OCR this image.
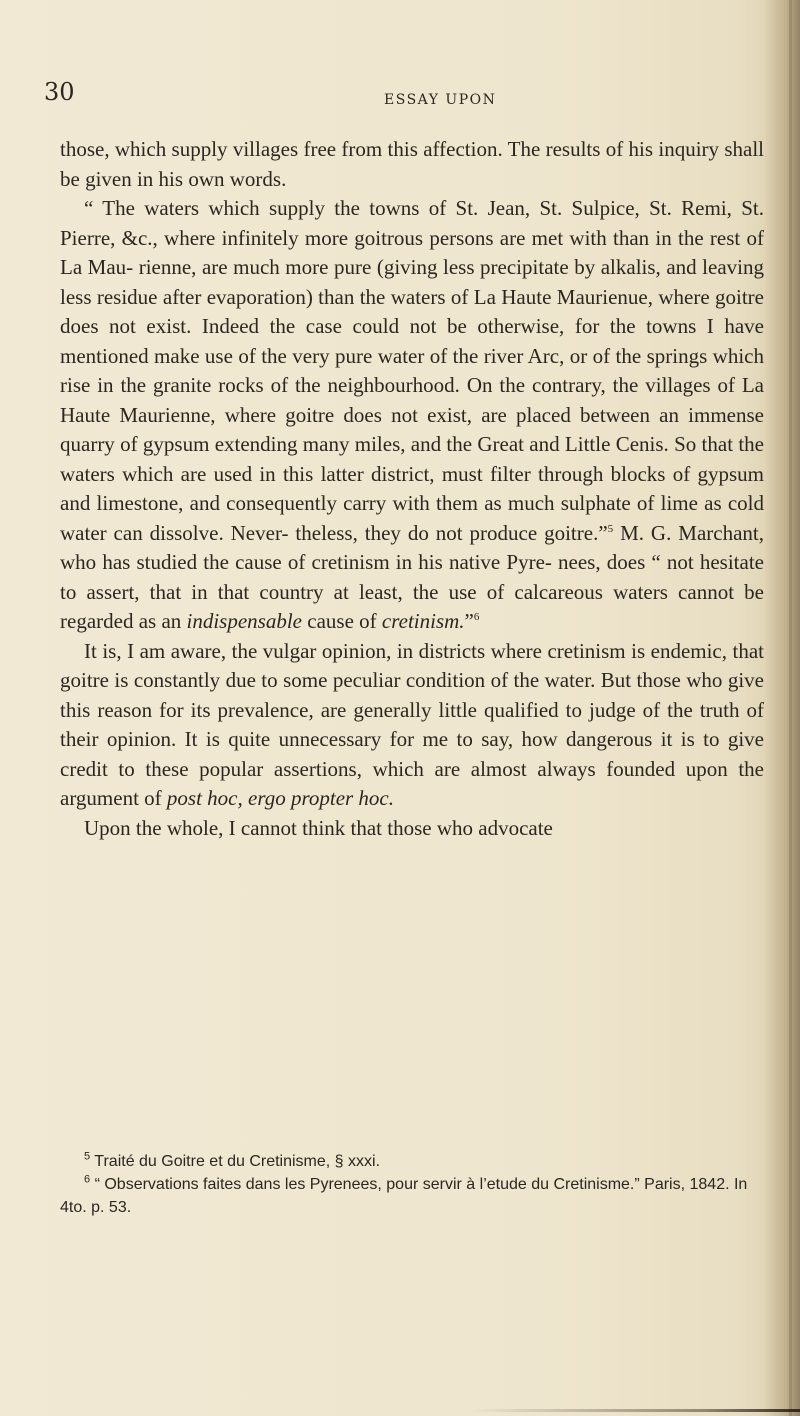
30	ESSAY UPON

those, which supply villages free from this affection. The results of his inquiry shall be given in his own words.

“ The waters which supply the towns of St. Jean, St. Sulpice, St. Remi, St. Pierre, &c., where infinitely more goitrous persons are met with than in the rest of La Mau- rienne, are much more pure (giving less precipitate by alkalis, and leaving less residue after evaporation) than the waters of La Haute Maurienue, where goitre does not exist. Indeed the case could not be otherwise, for the towns I have mentioned make use of the very pure water of the river Arc, or of the springs which rise in the granite rocks of the neighbourhood. On the contrary, the villages of La Haute Maurienne, where goitre does not exist, are placed between an immense quarry of gypsum extending many miles, and the Great and Little Cenis. So that the waters which are used in this latter district, must filter through blocks of gypsum and limestone, and consequently carry with them as much sulphate of lime as cold water can dissolve. Never- theless, they do not produce goitre.”$^5$ M. G. Marchant, who has studied the cause of cretinism in his native Pyre- nees, does “ not hesitate to assert, that in that country at least, the use of calcareous waters cannot be regarded as an indispensable cause of cretinism.”$^6$

It is, I am aware, the vulgar opinion, in districts where cretinism is endemic, that goitre is constantly due to some peculiar condition of the water. But those who give this reason for its prevalence, are generally little qualified to judge of the truth of their opinion. It is quite unnecessary for me to say, how dangerous it is to give credit to these popular assertions, which are almost always founded upon the argument of post hoc, ergo propter hoc.

Upon the whole, I cannot think that those who advocate

$^5$ Traité du Goitre et du Cretinisme, § xxxi.

$^6$ “ Observations faites dans les Pyrenees, pour servir à l’etude du Cretinisme.” Paris, 1842. In 4to. p. 53.
